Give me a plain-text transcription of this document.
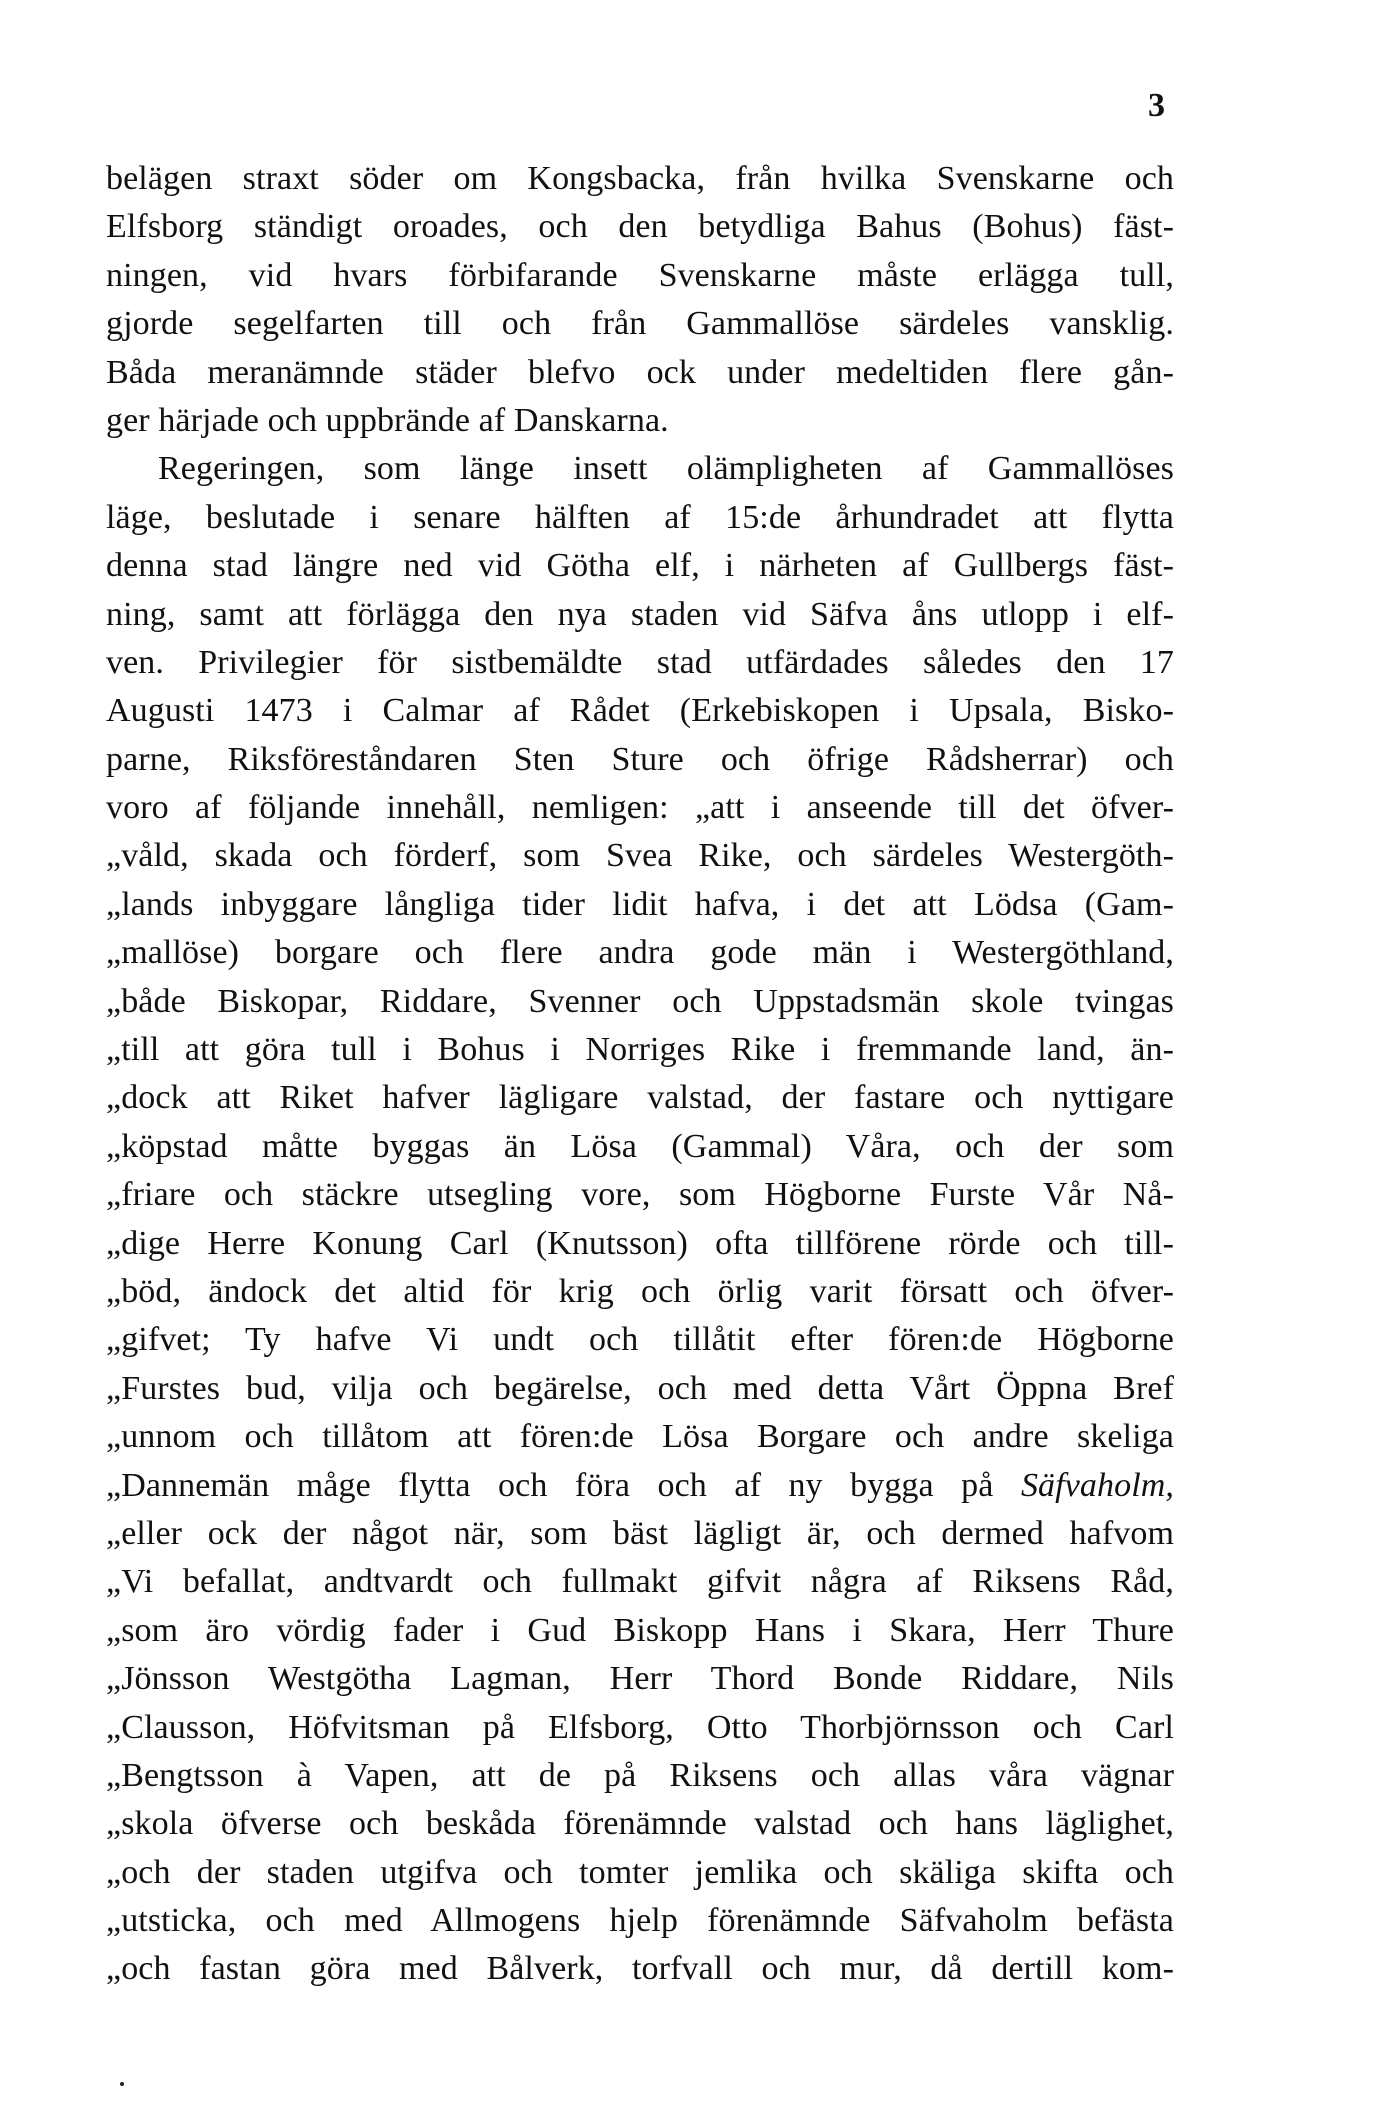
3
belägen straxt söder om Kongsbacka, från hvilka Svenskarne och
Elfsborg ständigt oroades, och den betydliga Bahus (Bohus) fäst-
ningen, vid hvars förbifarande Svenskarne måste erlägga tull,
gjorde segelfarten till och från Gammallöse särdeles vansklig.
Båda meranämnde städer blefvo ock under medeltiden flere gån-
ger härjade och uppbrände af Danskarna.
Regeringen, som länge insett olämpligheten af Gammallöses
läge, beslutade i senare hälften af 15:de århundradet att flytta
denna stad längre ned vid Götha elf, i närheten af Gullbergs fäst-
ning, samt att förlägga den nya staden vid Säfva åns utlopp i elf-
ven. Privilegier för sistbemäldte stad utfärdades således den 17
Augusti 1473 i Calmar af Rådet (Erkebiskopen i Upsala, Bisko-
parne, Riksföreståndaren Sten Sture och öfrige Rådsherrar) och
voro af följande innehåll, nemligen: „att i anseende till det öfver-
„våld, skada och förderf, som Svea Rike, och särdeles Westergöth-
„lands inbyggare långliga tider lidit hafva, i det att Lödsa (Gam-
„mallöse) borgare och flere andra gode män i Westergöthland,
„både Biskopar, Riddare, Svenner och Uppstadsmän skole tvingas
„till att göra tull i Bohus i Norriges Rike i fremmande land, än-
„dock att Riket hafver lägligare valstad, der fastare och nyttigare
„köpstad måtte byggas än Lösa (Gammal) Våra, och der som
„friare och stäckre utsegling vore, som Högborne Furste Vår Nå-
„dige Herre Konung Carl (Knutsson) ofta tillförene rörde och till-
„böd, ändock det altid för krig och örlig varit försatt och öfver-
„gifvet; Ty hafve Vi undt och tillåtit efter fören:de Högborne
„Furstes bud, vilja och begärelse, och med detta Vårt Öppna Bref
„unnom och tillåtom att fören:de Lösa Borgare och andre skeliga
„Dannemän måge flytta och föra och af ny bygga på Säfvaholm,
„eller ock der något när, som bäst lägligt är, och dermed hafvom
„Vi befallat, andtvardt och fullmakt gifvit några af Riksens Råd,
„som äro vördig fader i Gud Biskopp Hans i Skara, Herr Thure
„Jönsson Westgötha Lagman, Herr Thord Bonde Riddare, Nils
„Clausson, Höfvitsman på Elfsborg, Otto Thorbjörnsson och Carl
„Bengtsson à Vapen, att de på Riksens och allas våra vägnar
„skola öfverse och beskåda förenämnde valstad och hans läglighet,
„och der staden utgifva och tomter jemlika och skäliga skifta och
„utsticka, och med Allmogens hjelp förenämnde Säfvaholm befästa
„och fastan göra med Bålverk, torfvall och mur, då dertill kom-
